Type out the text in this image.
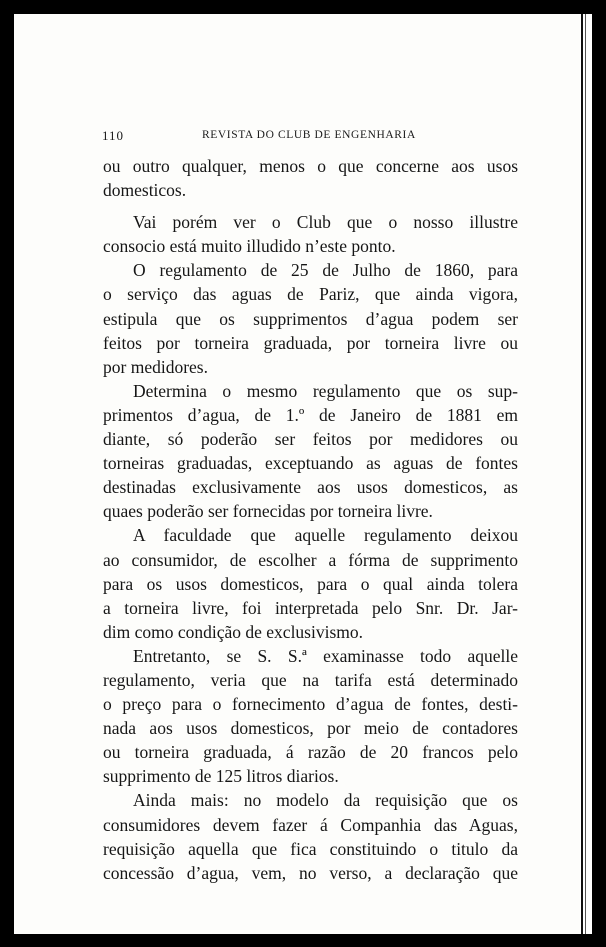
110	REVISTA DO CLUB DE ENGENHARIA
ou outro qualquer, menos o que concerne aos usos
domesticos.
Vai porém ver o Club que o nosso illustre
consocio está muito illudido n’este ponto.
O regulamento de 25 de Julho de 1860, para
o serviço das aguas de Pariz, que ainda vigora,
estipula que os supprimentos d’agua podem ser
feitos por torneira graduada, por torneira livre ou
por medidores.
Determina o mesmo regulamento que os sup-
primentos d’agua, de 1.º de Janeiro de 1881 em
diante, só poderão ser feitos por medidores ou
torneiras graduadas, exceptuando as aguas de fontes
destinadas exclusivamente aos usos domesticos, as
quaes poderão ser fornecidas por torneira livre.
A faculdade que aquelle regulamento deixou
ao consumidor, de escolher a fórma de supprimento
para os usos domesticos, para o qual ainda tolera
a torneira livre, foi interpretada pelo Snr. Dr. Jar-
dim como condição de exclusivismo.
Entretanto, se S. S.ª examinasse todo aquelle
regulamento, veria que na tarifa está determinado
o preço para o fornecimento d’agua de fontes, desti-
nada aos usos domesticos, por meio de contadores
ou torneira graduada, á razão de 20 francos pelo
supprimento de 125 litros diarios.
Ainda mais: no modelo da requisição que os
consumidores devem fazer á Companhia das Aguas,
requisição aquella que fica constituindo o titulo da
concessão d’agua, vem, no verso, a declaração que
